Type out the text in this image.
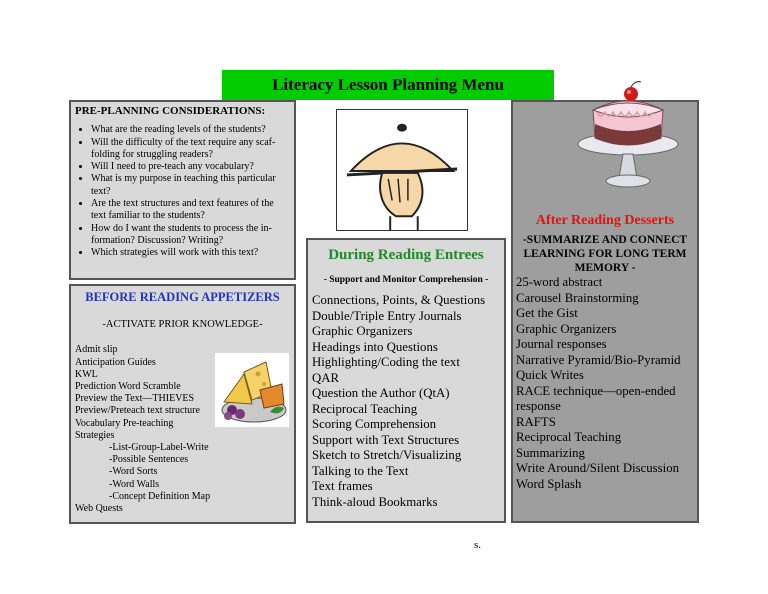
Literacy Lesson Planning Menu
PRE-PLANNING CONSIDERATIONS:
• What are the reading levels of the students?
• Will the difficulty of the text require any scaf-folding for struggling readers?
• Will I need to pre-teach any vocabulary?
• What is my purpose in teaching this particular text?
• Are the text structures and text features of the text familiar to the students?
• How do I want the students to process the in-formation? Discussion? Writing?
• Which strategies will work with this text?
BEFORE READING APPETIZERS
-ACTIVATE PRIOR KNOWLEDGE-
Admit slip
Anticipation Guides
KWL
Prediction Word Scramble
Preview the Text—THIEVES
Preview/Preteach text structure
Vocabulary Pre-teaching
Strategies
-List-Group-Label-Write
-Possible Sentences
-Word Sorts
-Word Walls
-Concept Definition Map
Web Quests
During Reading Entrees
- Support and Monitor Comprehension -
Connections, Points, & Questions
Double/Triple Entry Journals
Graphic Organizers
Headings into Questions
Highlighting/Coding the text
QAR
Question the Author (QtA)
Reciprocal Teaching
Scoring Comprehension
Support with Text Structures
Sketch to Stretch/Visualizing
Talking to the Text
Text frames
Think-aloud Bookmarks
After Reading Desserts
-SUMMARIZE AND CONNECT LEARNING FOR LONG TERM MEMORY -
25-word abstract
Carousel Brainstorming
Get the Gist
Graphic Organizers
Journal responses
Narrative Pyramid/Bio-Pyramid
Quick Writes
RACE technique—open-ended response
RAFTS
Reciprocal Teaching
Summarizing
Write Around/Silent Discussion
Word Splash
s.
